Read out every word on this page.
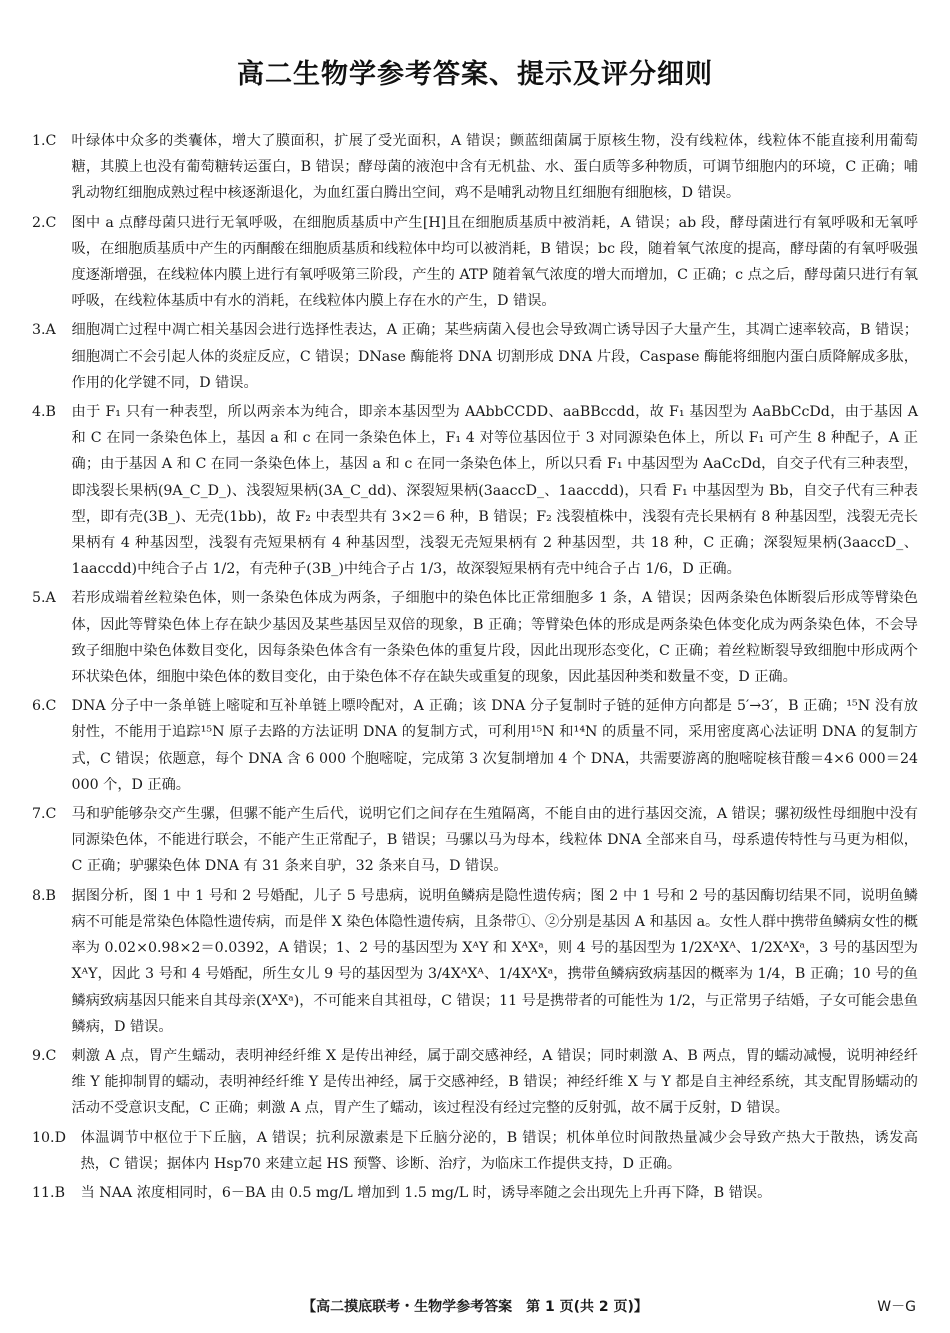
高二生物学参考答案、提示及评分细则
1. C	叶绿体中众多的类囊体，增大了膜面积，扩展了受光面积，A 错误；颤蓝细菌属于原核生物，没有线粒体，线粒体不能直接利用葡萄糖，其膜上也没有葡萄糖转运蛋白，B 错误；酵母菌的液泡中含有无机盐、水、蛋白质等多种物质，可调节细胞内的环境，C 正确；哺乳动物红细胞成熟过程中核逐渐退化，为血红蛋白腾出空间，鸡不是哺乳动物且红细胞有细胞核，D 错误。
2. C	图中 a 点酵母菌只进行无氧呼吸，在细胞质基质中产生[H]且在细胞质基质中被消耗，A 错误；ab 段，酵母菌进行有氧呼吸和无氧呼吸，在细胞质基质中产生的丙酮酸在细胞质基质和线粒体中均可以被消耗，B 错误；bc 段，随着氧气浓度的提高，酵母菌的有氧呼吸强度逐渐增强，在线粒体内膜上进行有氧呼吸第三阶段，产生的 ATP 随着氧气浓度的增大而增加，C 正确；c 点之后，酵母菌只进行有氧呼吸，在线粒体基质中有水的消耗，在线粒体内膜上存在水的产生，D 错误。
3. A	细胞凋亡过程中凋亡相关基因会进行选择性表达，A 正确；某些病菌入侵也会导致凋亡诱导因子大量产生，其凋亡速率较高，B 错误；细胞凋亡不会引起人体的炎症反应，C 错误；DNase 酶能将 DNA 切割形成 DNA 片段，Caspase 酶能将细胞内蛋白质降解成多肽，作用的化学键不同，D 错误。
4. B	由于 F₁ 只有一种表型，所以两亲本为纯合，即亲本基因型为 AAbbCCDD、aaBBccdd，故 F₁ 基因型为 AaBbCcDd，由于基因 A 和 C 在同一条染色体上，基因 a 和 c 在同一条染色体上，F₁ 4 对等位基因位于 3 对同源染色体上，所以 F₁ 可产生 8 种配子，A 正确；由于基因 A 和 C 在同一条染色体上，基因 a 和 c 在同一条染色体上，所以只看 F₁ 中基因型为 AaCcDd，自交子代有三种表型，即浅裂长果柄(9A_C_D_)、浅裂短果柄(3A_C_dd)、深裂短果柄(3aaccD_、1aaccdd)，只看 F₁ 中基因型为 Bb，自交子代有三种表型，即有壳(3B_)、无壳(1bb)，故 F₂ 中表型共有 3×2＝6 种，B 错误；F₂ 浅裂植株中，浅裂有壳长果柄有 8 种基因型，浅裂无壳长果柄有 4 种基因型，浅裂有壳短果柄有 4 种基因型，浅裂无壳短果柄有 2 种基因型，共 18 种，C 正确；深裂短果柄(3aaccD_、1aaccdd)中纯合子占 1/2，有壳种子(3B_)中纯合子占 1/3，故深裂短果柄有壳中纯合子占 1/6，D 正确。
5. A	若形成端着丝粒染色体，则一条染色体成为两条，子细胞中的染色体比正常细胞多 1 条，A 错误；因两条染色体断裂后形成等臂染色体，因此等臂染色体上存在缺少基因及某些基因呈双倍的现象，B 正确；等臂染色体的形成是两条染色体变化成为两条染色体，不会导致子细胞中染色体数目变化，因每条染色体含有一条染色体的重复片段，因此出现形态变化，C 正确；着丝粒断裂导致细胞中形成两个环状染色体，细胞中染色体的数目变化，由于染色体不存在缺失或重复的现象，因此基因种类和数量不变，D 正确。
6. C	DNA 分子中一条单链上嘧啶和互补单链上嘌呤配对，A 正确；该 DNA 分子复制时子链的延伸方向都是 5′→3′，B 正确；¹⁵N 没有放射性，不能用于追踪¹⁵N 原子去路的方法证明 DNA 的复制方式，可利用¹⁵N 和¹⁴N 的质量不同，采用密度离心法证明 DNA 的复制方式，C 错误；依题意，每个 DNA 含 6 000 个胞嘧啶，完成第 3 次复制增加 4 个 DNA，共需要游离的胞嘧啶核苷酸＝4×6 000＝24 000 个，D 正确。
7. C	马和驴能够杂交产生骡，但骡不能产生后代，说明它们之间存在生殖隔离，不能自由的进行基因交流，A 错误；骡初级性母细胞中没有同源染色体，不能进行联会，不能产生正常配子，B 错误；马骡以马为母本，线粒体 DNA 全部来自马，母系遗传特性与马更为相似，C 正确；驴骡染色体 DNA 有 31 条来自驴，32 条来自马，D 错误。
8. B	据图分析，图 1 中 1 号和 2 号婚配，儿子 5 号患病，说明鱼鳞病是隐性遗传病；图 2 中 1 号和 2 号的基因酶切结果不同，说明鱼鳞病不可能是常染色体隐性遗传病，而是伴 X 染色体隐性遗传病，且条带①、②分别是基因 A 和基因 a。女性人群中携带鱼鳞病女性的概率为 0.02×0.98×2＝0.0392，A 错误；1、2 号的基因型为 XᴬY 和 XᴬXᵃ，则 4 号的基因型为 1/2XᴬXᴬ、1/2XᴬXᵃ，3 号的基因型为 XᴬY，因此 3 号和 4 号婚配，所生女儿 9 号的基因型为 3/4XᴬXᴬ、1/4XᴬXᵃ，携带鱼鳞病致病基因的概率为 1/4，B 正确；10 号的鱼鳞病致病基因只能来自其母亲(XᴬXᵃ)，不可能来自其祖母，C 错误；11 号是携带者的可能性为 1/2，与正常男子结婚，子女可能会患鱼鳞病，D 错误。
9. C	刺激 A 点，胃产生蠕动，表明神经纤维 X 是传出神经，属于副交感神经，A 错误；同时刺激 A、B 两点，胃的蠕动减慢，说明神经纤维 Y 能抑制胃的蠕动，表明神经纤维 Y 是传出神经，属于交感神经，B 错误；神经纤维 X 与 Y 都是自主神经系统，其支配胃肠蠕动的活动不受意识支配，C 正确；刺激 A 点，胃产生了蠕动，该过程没有经过完整的反射弧，故不属于反射，D 错误。
10. D	体温调节中枢位于下丘脑，A 错误；抗利尿激素是下丘脑分泌的，B 错误；机体单位时间散热量减少会导致产热大于散热，诱发高热，C 错误；据体内 Hsp70 来建立起 HS 预警、诊断、治疗，为临床工作提供支持，D 正确。
11. B	当 NAA 浓度相同时，6－BA 由 0.5 mg/L 增加到 1.5 mg/L 时，诱导率随之会出现先上升再下降，B 错误。
【高二摸底联考・生物学参考答案　第 1 页(共 2 页)】	W－G
